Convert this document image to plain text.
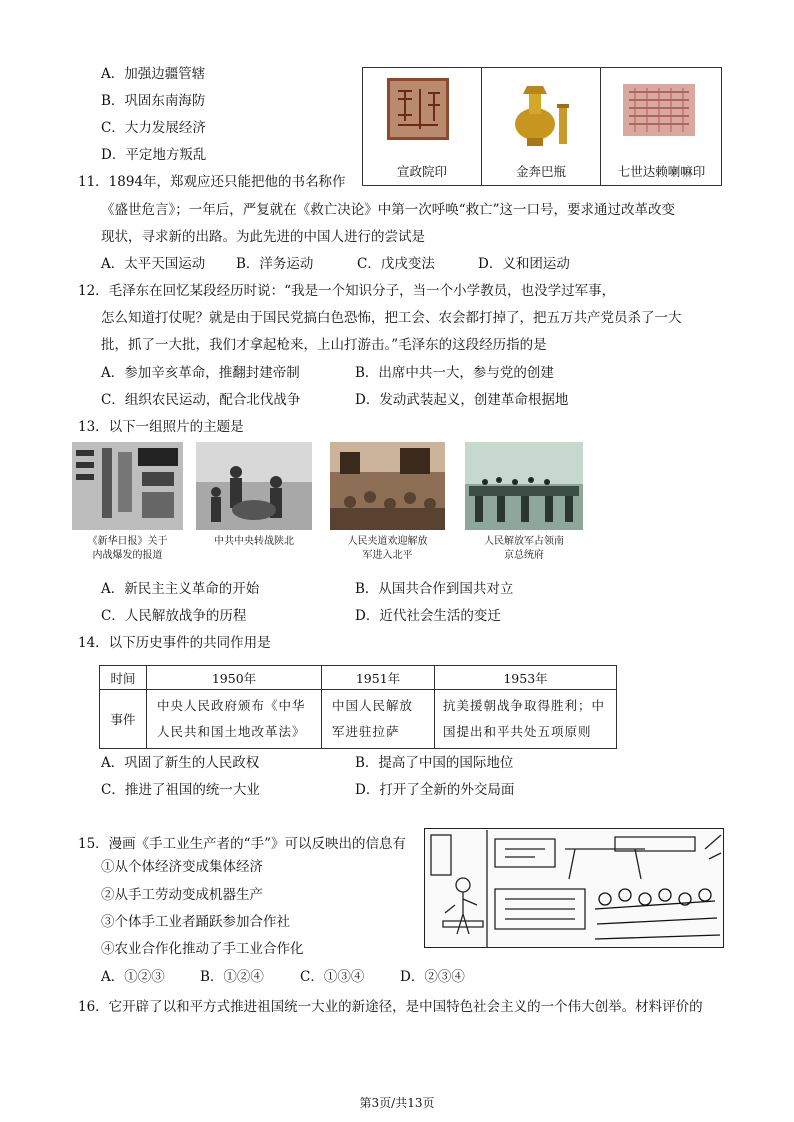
A．加强边疆管辖
B．巩固东南海防
C．大力发展经济
D．平定地方叛乱
宣政院印	金奔巴瓶	七世达赖喇嘛印
11．1894年，郑观应还只能把他的书名称作
《盛世危言》；一年后，严复就在《救亡决论》中第一次呼唤“救亡”这一口号，要求通过改革改变
现状，寻求新的出路。为此先进的中国人进行的尝试是
A．太平天国运动 B．洋务运动	C．戊戌变法	D．义和团运动
12．毛泽东在回忆某段经历时说：“我是一个知识分子，当一个小学教员，也没学过军事，
怎么知道打仗呢？就是由于国民党搞白色恐怖，把工会、农会都打掉了，把五万共产党员杀了一大
批，抓了一大批，我们才拿起枪来，上山打游击。”毛泽东的这段经历指的是
A．参加辛亥革命，推翻封建帝制	B．出席中共一大，参与党的创建
C．组织农民运动，配合北伐战争	D．发动武装起义，创建革命根据地
13．以下一组照片的主题是
《新华日报》关于
内战爆发的报道
中共中央转战陕北	人民夹道欢迎解放
军进入北平
人民解放军占领南
京总统府
A．新民主主义革命的开始	B．从国共合作到国共对立
C．人民解放战争的历程	D．近代社会生活的变迁
14．以下历史事件的共同作用是
时间	1950年	1951年	1953年
事件	中央人民政府颁布《中华人民共和国土地改革法》	中国人民解放军进驻拉萨	抗美援朝战争取得胜利；中国提出和平共处五项原则
A．巩固了新生的人民政权	B．提高了中国的国际地位
C．推进了祖国的统一大业	D．打开了全新的外交局面
15．漫画《手工业生产者的“手”》可以反映出的信息有
①从个体经济变成集体经济
②从手工劳动变成机器生产
③个体手工业者踊跃参加合作社
④农业合作化推动了手工业合作化
A．①②③	B．①②④	C．①③④	D．②③④
16．它开辟了以和平方式推进祖国统一大业的新途径，是中国特色社会主义的一个伟大创举。材料评价的
第3页/共13页
